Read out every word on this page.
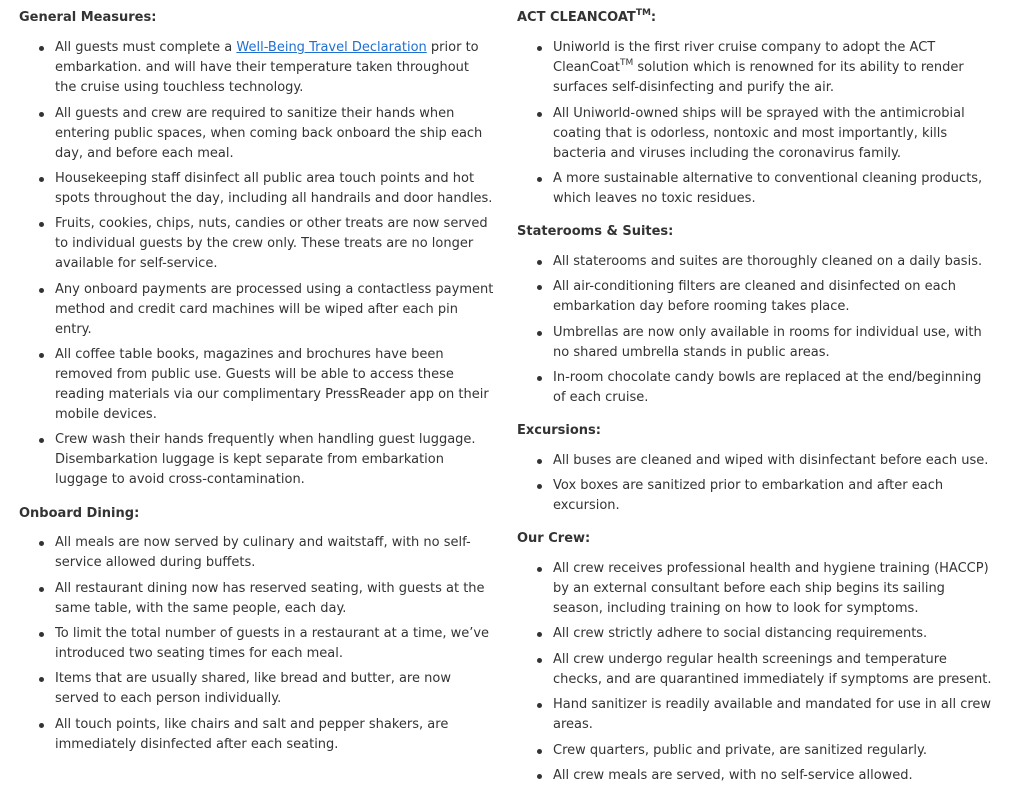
General Measures:
All guests must complete a Well-Being Travel Declaration prior to embarkation. and will have their temperature taken throughout the cruise using touchless technology.
All guests and crew are required to sanitize their hands when entering public spaces, when coming back onboard the ship each day, and before each meal.
Housekeeping staff disinfect all public area touch points and hot spots throughout the day, including all handrails and door handles.
Fruits, cookies, chips, nuts, candies or other treats are now served to individual guests by the crew only. These treats are no longer available for self-service.
Any onboard payments are processed using a contactless payment method and credit card machines will be wiped after each pin entry.
All coffee table books, magazines and brochures have been removed from public use. Guests will be able to access these reading materials via our complimentary PressReader app on their mobile devices.
Crew wash their hands frequently when handling guest luggage. Disembarkation luggage is kept separate from embarkation luggage to avoid cross-contamination.
Onboard Dining:
All meals are now served by culinary and waitstaff, with no self-service allowed during buffets.
All restaurant dining now has reserved seating, with guests at the same table, with the same people, each day.
To limit the total number of guests in a restaurant at a time, we’ve introduced two seating times for each meal.
Items that are usually shared, like bread and butter, are now served to each person individually.
All touch points, like chairs and salt and pepper shakers, are immediately disinfected after each seating.
ACT CLEANCOAT™:
Uniworld is the first river cruise company to adopt the ACT CleanCoat™ solution which is renowned for its ability to render surfaces self-disinfecting and purify the air.
All Uniworld-owned ships will be sprayed with the antimicrobial coating that is odorless, nontoxic and most importantly, kills bacteria and viruses including the coronavirus family.
A more sustainable alternative to conventional cleaning products, which leaves no toxic residues.
Staterooms & Suites:
All staterooms and suites are thoroughly cleaned on a daily basis.
All air-conditioning filters are cleaned and disinfected on each embarkation day before rooming takes place.
Umbrellas are now only available in rooms for individual use, with no shared umbrella stands in public areas.
In-room chocolate candy bowls are replaced at the end/beginning of each cruise.
Excursions:
All buses are cleaned and wiped with disinfectant before each use.
Vox boxes are sanitized prior to embarkation and after each excursion.
Our Crew:
All crew receives professional health and hygiene training (HACCP) by an external consultant before each ship begins its sailing season, including training on how to look for symptoms.
All crew strictly adhere to social distancing requirements.
All crew undergo regular health screenings and temperature checks, and are quarantined immediately if symptoms are present.
Hand sanitizer is readily available and mandated for use in all crew areas.
Crew quarters, public and private, are sanitized regularly.
All crew meals are served, with no self-service allowed.
